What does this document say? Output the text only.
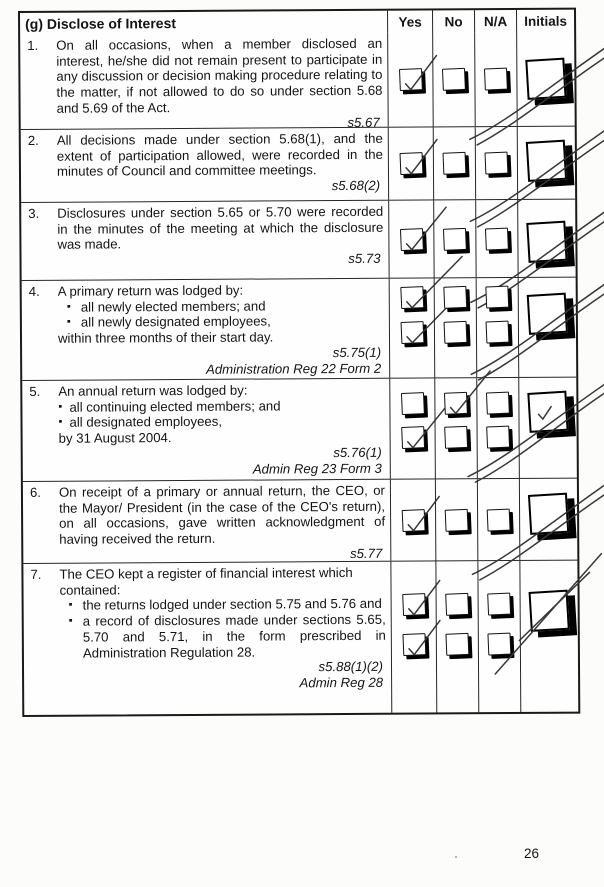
(g) Disclose of Interest	Yes	No	N/A	Initials
1.	On all occasions, when a member disclosed an interest, he/she did not remain present to participate in any discussion or decision making procedure relating to the matter, if not allowed to do so under section 5.68 and 5.69 of the Act.
s5.67
2.	All decisions made under section 5.68(1), and the extent of participation allowed, were recorded in the minutes of Council and committee meetings.
s5.68(2)
3.	Disclosures under section 5.65 or 5.70 were recorded in the minutes of the meeting at which the disclosure was made.
s5.73
4.	A primary return was lodged by:
▪ all newly elected members; and
▪ all newly designated employees,
within three months of their start day.
s5.75(1)
Administration Reg 22 Form 2
5.	An annual return was lodged by:
▪ all continuing elected members; and
▪ all designated employees,
by 31 August 2004.
s5.76(1)
Admin Reg 23 Form 3
6.	On receipt of a primary or annual return, the CEO, or the Mayor/ President (in the case of the CEO's return), on all occasions, gave written acknowledgment of having received the return.
s5.77
7.	The CEO kept a register of financial interest which contained:
▪ the returns lodged under section 5.75 and 5.76 and
▪ a record of disclosures made under sections 5.65, 5.70 and 5.71, in the form prescribed in Administration Regulation 28.
s5.88(1)(2)
Admin Reg 28
26
